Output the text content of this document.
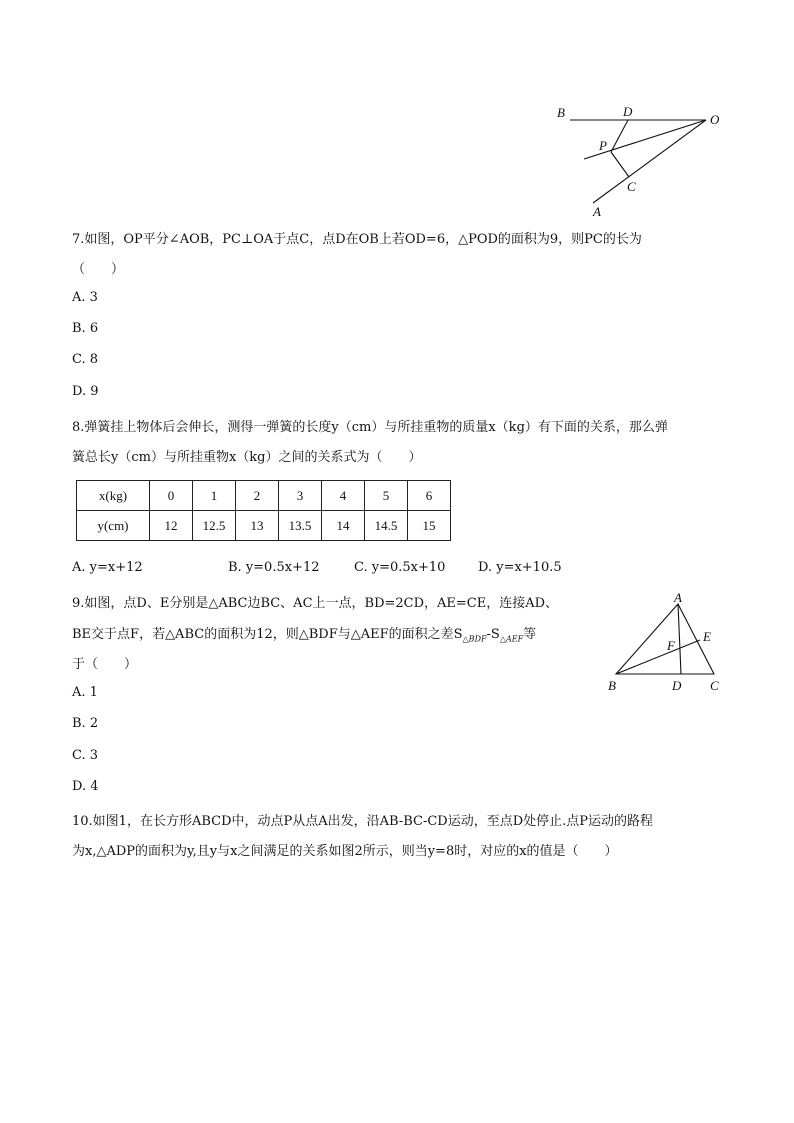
B	D
O
P
C
A
7.如图，OP平分∠AOB，PC⊥OA于点C，点D在OB上若OD=6，△POD的面积为9，则PC的长为
（　　）
A. 3
B. 6
C. 8
D. 9
8.弹簧挂上物体后会伸长，测得一弹簧的长度y（cm）与所挂重物的质量x（kg）有下面的关系，那么弹
簧总长y（cm）与所挂重物x（kg）之间的关系式为（　　）
x(kg)	0	1	2	3	4	5	6
y(cm)	12	12.5	13	13.5	14	14.5	15
A. y=x+12	B. y=0.5x+12	C. y=0.5x+10	D. y=x+10.5
9.如图，点D、E分别是△ABC边BC、AC上一点，BD=2CD，AE=CE，连接AD、
BE交于点F，若△ABC的面积为12，则△BDF与△AEF的面积之差$S_{\triangle BDF}-S_{\triangle AEF}$等
于（　　）
A. 1
B. 2
C. 3
D. 4
A
E
F
B	D C
10.如图1，在长方形ABCD中，动点P从点A出发，沿AB-BC-CD运动，至点D处停止.点P运动的路程
为x,△ADP的面积为y,且y与x之间满足的关系如图2所示，则当y=8时，对应的x的值是（　　）
